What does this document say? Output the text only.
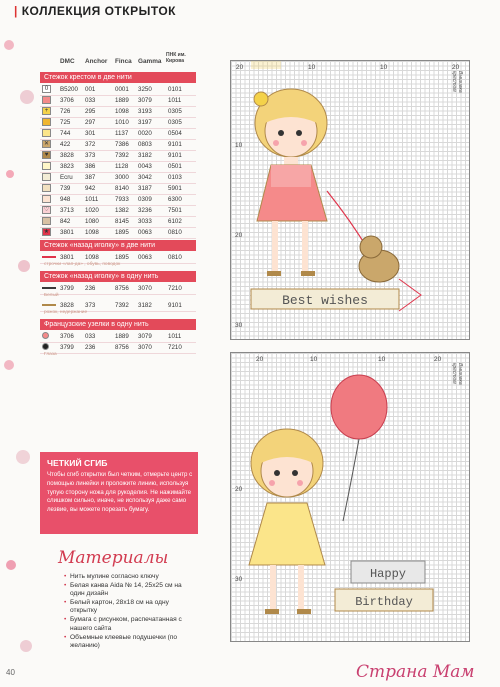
| КОЛЛЕКЦИЯ ОТКРЫТОК
DMC Anchor Finca Gamma
ПНК им. Кирова
Стежок крестом в две нити
0	B5200 001	0001 3250	0101
3706 033	1889 3079	1011
+	726 295	1098 3193	0305
725 297	1010 3197	0305
744 301	1137 0020	0504
✕	422 372	7386 0803	9101
♥	3828 373	7392 3182	9101
3823 386	1128 0043	0501
Ecru 387	3000 3042	0103
739 942	8140 3187	5901
948 1011	7933 0309	6300
♡ 3713 1020	1382 3236	7501
842 1080	8145 3033	6102
★ 3801 1098	1895 0063	0810
Стежок «назад иголку» в две нити
3801 1098	1895 0063	0810
строчки «лап-да» , обувь, поводок
Стежок «назад иголку» в одну нить
3799 236	8756 3070	7210
Белый
3828 373	7392 3182	9101
рожок, недержание
Французские узелки в одну нить
3706 033	1889 3079	1011
3799 236	8756 3070	7210
Глаза
Best wishes
Вышивка крестом
20	10	10	20
10
20
30
Happy
Birthday
Вышивка крестом
20	10	10	20
20
30
ЧЕТКИЙ СГИБ
Чтобы сгиб открытки был четким, отмерьте центр с помощью линейки и проложите линию, используя тупую сторону ножа для рукоделия. Не нажимайте слишком сильно, иначе, не используя даже само лезвие, вы можете порезать бумагу.
Материалы
• Нить мулине согласно ключу
• Белая канва Aida № 14, 25х25 см на один дизайн
• Белый картон, 28х18 см на одну открытку
• Бумага с рисунком, распечатанная с нашего сайта
• Объемные клеевые подушечки (по желанию)
Страна Мам
40
